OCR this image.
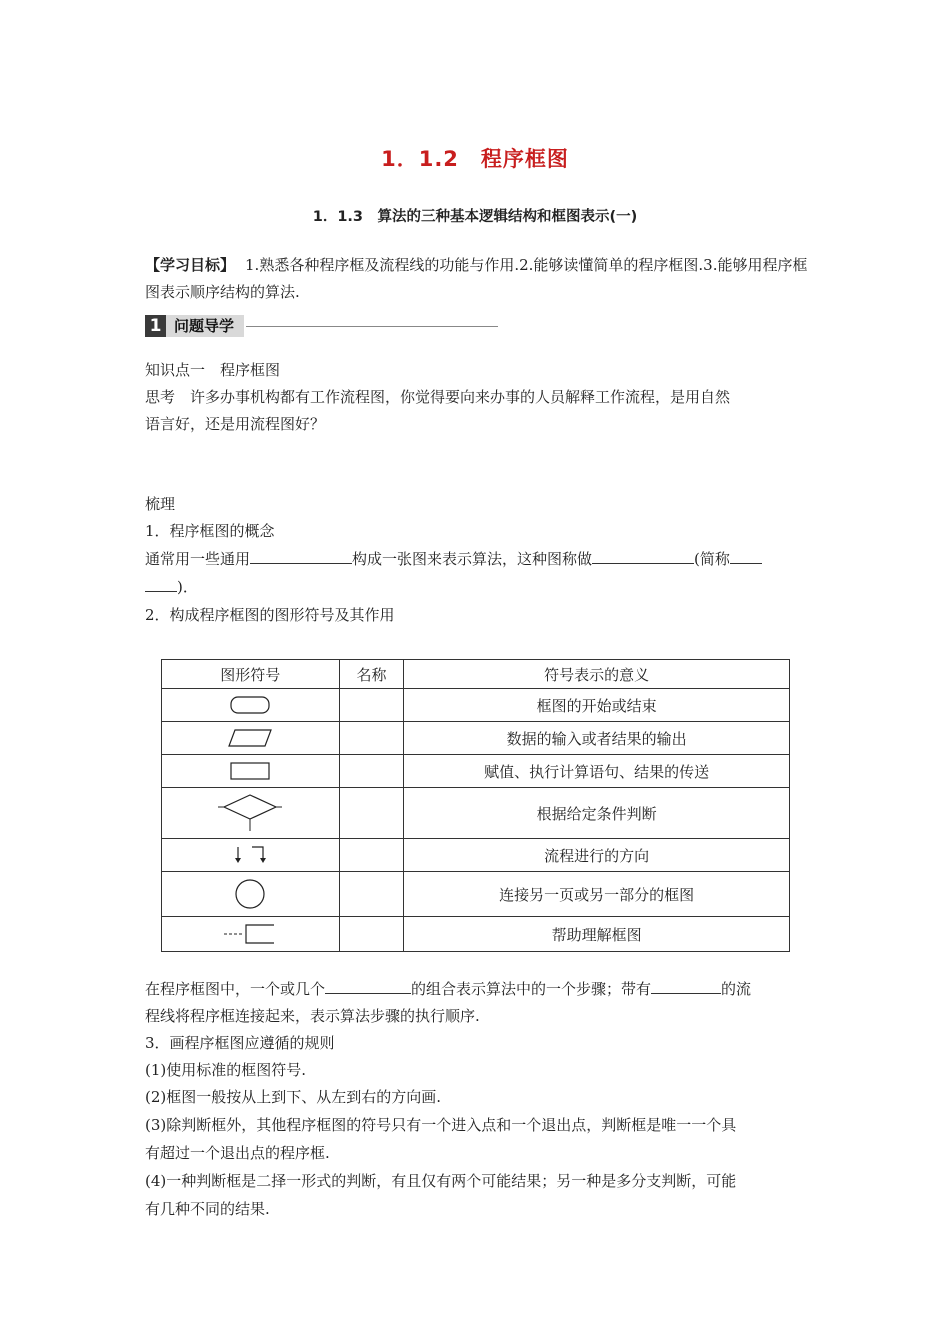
1．1.2　程序框图
1．1.3　算法的三种基本逻辑结构和框图表示(一)
【学习目标】 1.熟悉各种程序框及流程线的功能与作用.2.能够读懂简单的程序框图.3.能够用程序框图表示顺序结构的算法.
1 问题导学
知识点一　程序框图
思考　许多办事机构都有工作流程图，你觉得要向来办事的人员解释工作流程，是用自然
语言好，还是用流程图好？
梳理
1．程序框图的概念
通常用一些通用	构成一张图来表示算法，这种图称做	(简称
)．
2．构成程序框图的图形符号及其作用
图形符号	名称	符号表示的意义

		框图的开始或结束

		数据的输入或者结果的输出

		赋值、执行计算语句、结果的传送

		根据给定条件判断

		流程进行的方向

		连接另一页或另一部分的框图

		帮助理解框图
在程序框图中，一个或几个	的组合表示算法中的一个步骤；带有	的流
程线将程序框连接起来，表示算法步骤的执行顺序.
3．画程序框图应遵循的规则
(1)使用标准的框图符号.
(2)框图一般按从上到下、从左到右的方向画.
(3)除判断框外，其他程序框图的符号只有一个进入点和一个退出点，判断框是唯一一个具
有超过一个退出点的程序框.
(4)一种判断框是二择一形式的判断，有且仅有两个可能结果；另一种是多分支判断，可能
有几种不同的结果.
